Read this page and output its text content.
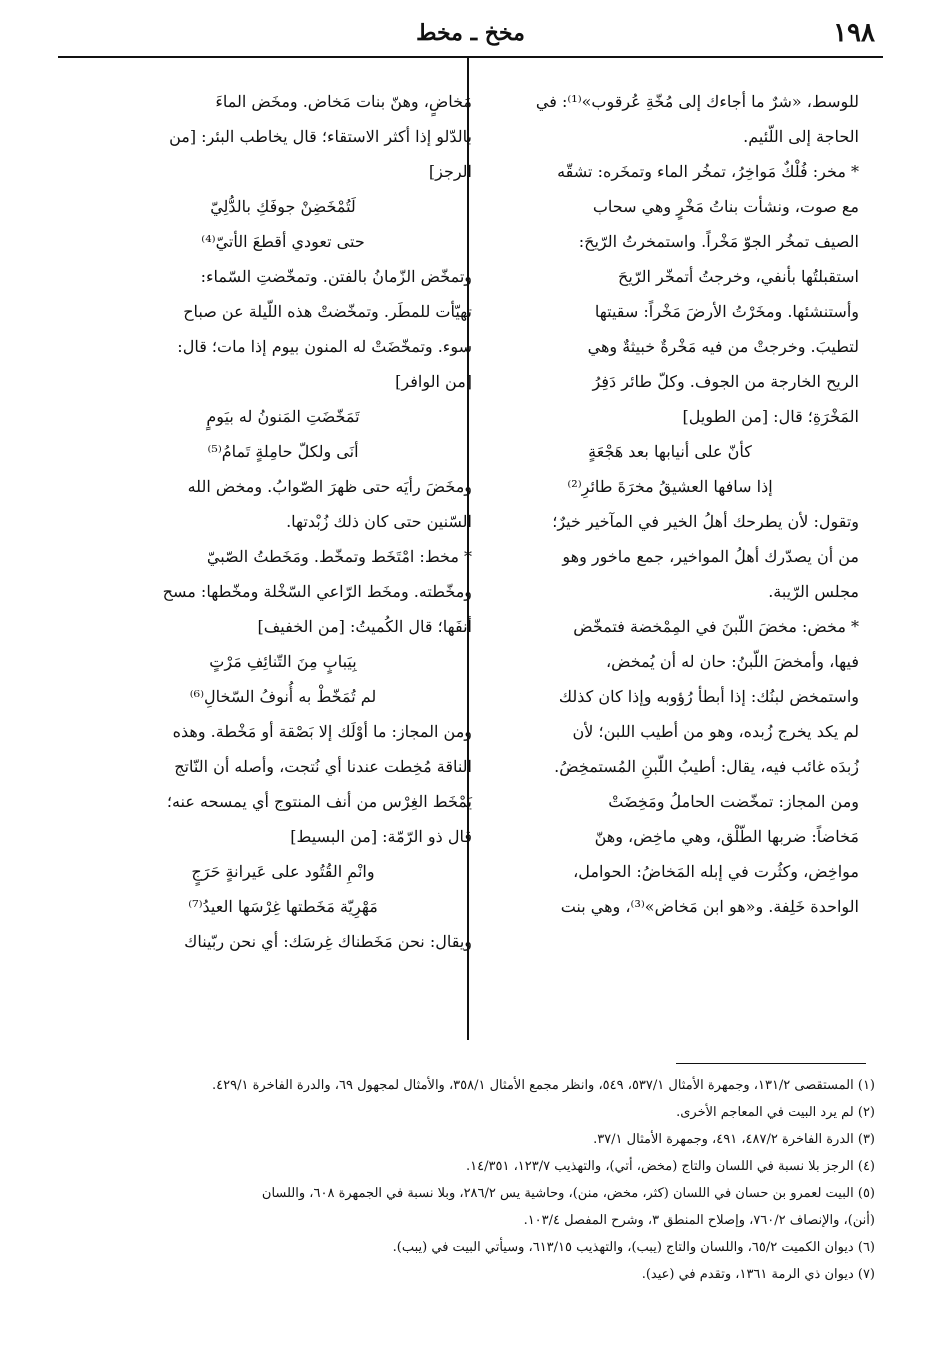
١٩٨
مخخ ـ مخط

للوسط، «شرٌ ما أجاءك إلى مُخّةِ عُرقوب»⁽¹⁾: في

الحاجة إلى اللّئيم.

* مخر: فُلْكٌ مَواخِرُ، تمخُر الماء وتمخَره: تشقّه

مع صوت، ونشأت بناتُ مَخْرٍ وهي سحاب

الصيف تمخُر الجوّ مَخْراً. واستمخرتُ الرّيحَ:

استقبلتُها بأنفي، وخرجتُ أتمخّر الرّيحَ

وأستنشئها. ومخَرْتُ الأرضَ مَخْراً: سقيتها

لتطيبَ. وخرجتْ من فيه مَخْرةٌ خبيثةٌ وهي

الريح الخارجة من الجوف. وكلّ طائر دَفِرُ

المَخْرَةِ؛ قال: [من الطويل]

كأنّ على أنيابها بعد هَجْعَةٍ

إذا سافها العشيقُ مخرَةَ طائرِ⁽²⁾

وتقول: لأن يطرحك أهلُ الخير في المآخير خيرٌ؛

من أن يصدّرك أهلُ المواخير، جمع ماخور وهو

مجلس الرّيبة.

* مخض: مخضَ اللّبنَ في المِمْخضة فتمخّض

فيها، وأمخضَ اللّبنُ: حان له أن يُمخض،

واستمخض لبنُك: إذا أبطأ رُؤوبه وإذا كان كذلك

لم يكد يخرج زُبده، وهو من أطيب اللبن؛ لأن

زُبدَه غائب فيه، يقال: أطيبُ اللّبنِ المُستمخِضُ.

ومن المجاز: تمخّضت الحاملُ ومَخِضَتْ

مَخاضاً: ضربها الطّلْق، وهي ماخِض، وهنّ

مواخِض، وكثُرت في إبله المَخاضُ: الحوامل،

الواحدة خَلِفة. و«هو ابن مَخاض»⁽³⁾، وهي بنت

مَخاضٍ، وهنّ بنات مَخاض. ومخَض الماءَ

بالدّلو إذا أكثر الاستقاء؛ قال يخاطب البئر: [من

الرجز]

لَتُمْخَضِنْ جوفَكِ بالدُّلِيّ

حتى تعودي أقطعَ الأتيّ⁽⁴⁾

وتمخّض الزّمانُ بالفتن. وتمخّضتِ السّماء:

تهيّأت للمطَر. وتمخّضتْ هذه اللّيلة عن صباح

سوء. وتمخّضَتْ له المنون بيوم إذا مات؛ قال:

[من الوافر]

تَمَخّضَتِ المَنونُ له بيَومٍ

أنَى ولكلّ حامِلةٍ تَمامُ⁽⁵⁾

ومخَضَ رأيَه حتى ظهرَ الصّوابُ. ومخض الله

السّنين حتى كان ذلك زُبْدتها.

* مخط: امْتَخَط وتمخّط. ومَخَطتُ الصّبيّ

ومخّطته. ومخَط الرّاعي السّخْلة ومخّطها: مسح

أنفَها؛ قال الكُميتُ: [من الخفيف]

بِيَبابٍ مِنَ التّنائِفِ مَرْتٍ

لم تُمَخّطْ به أُنوفُ السّخالِ⁽⁶⁾

ومن المجاز: ما أوْلَك إلا بَصْقة أو مَخْطة. وهذه

الناقة مُخِطت عندنا أي نُتجت، وأصله أن النّاتج

يَمْخَط الغِرْس من أنف المنتوج أي يمسحه عنه؛

قال ذو الرّمّة: [من البسيط]

وانْمِ القُتُود على عَيرانةٍ حَرَجٍ

مَهْرِيّة مَخَطتها غِرْسَها العيدُ⁽⁷⁾

ويقال: نحن مَخَطناك غِرسَك: أي نحن ربّيناك

(١) المستقصى ١٣١/٢، وجمهرة الأمثال ٥٣٧/١، ٥٤٩، وانظر مجمع الأمثال ٣٥٨/١، والأمثال لمجهول ٦٩، والدرة الفاخرة ٤٢٩/١.
(٢) لم يرد البيت في المعاجم الأخرى.
(٣) الدرة الفاخرة ٤٨٧/٢، ٤٩١، وجمهرة الأمثال ٣٧/١.
(٤) الرجز بلا نسبة في اللسان والتاج (مخض، أتي)، والتهذيب ١٢٣/٧، ١٤/٣٥١.
(٥) البيت لعمرو بن حسان في اللسان (كثر، مخض، منن)، وحاشية يس ٢٨٦/٢، وبلا نسبة في الجمهرة ٦٠٨، واللسان
(أنن)، والإنصاف ٧٦٠/٢، وإصلاح المنطق ٣، وشرح المفصل ١٠٣/٤.
(٦) ديوان الكميت ٦٥/٢، واللسان والتاج (يبب)، والتهذيب ٦١٣/١٥، وسيأتي البيت في (يبب).
(٧) ديوان ذي الرمة ١٣٦١، وتقدم في (عيد).
